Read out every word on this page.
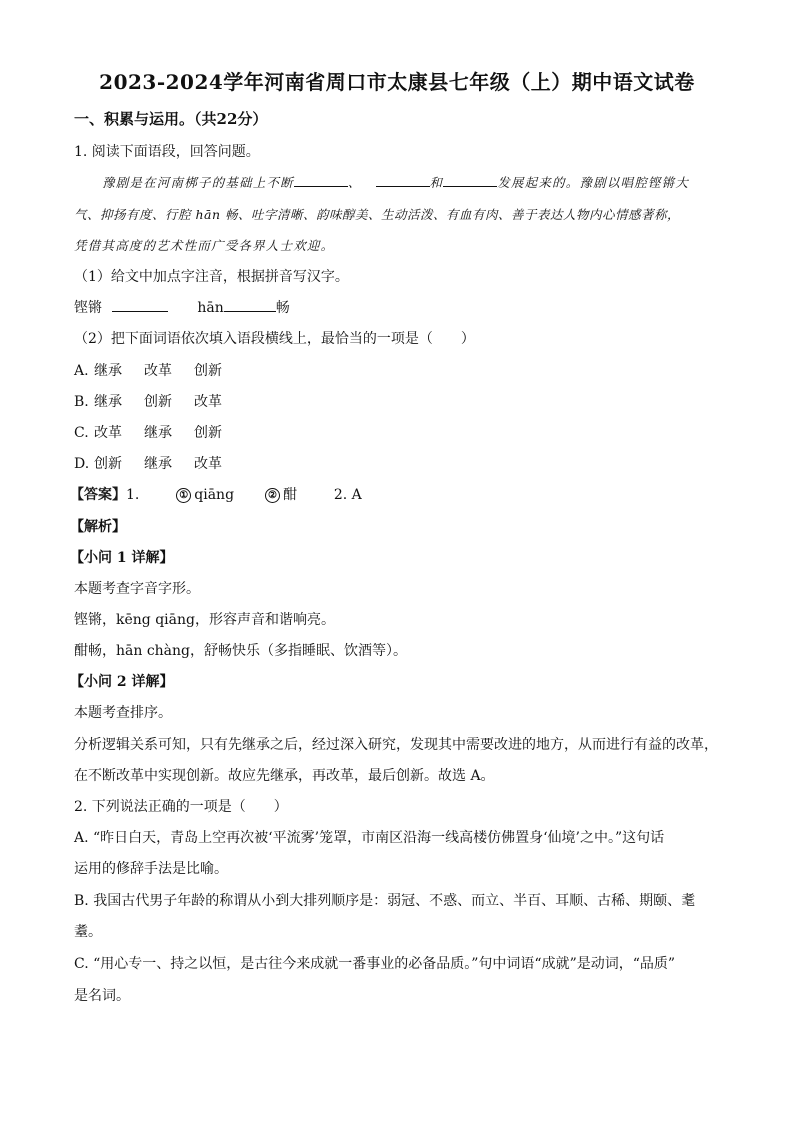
2023-2024学年河南省周口市太康县七年级（上）期中语文试卷
一、积累与运用。（共22分）
1. 阅读下面语段，回答问题。
豫剧是在河南梆子的基础上不断	、	和	发展起来的。豫剧以唱腔铿锵大
气、抑扬有度、行腔 hān 畅、吐字清晰、韵味醇美、生动活泼、有血有肉、善于表达人物内心情感著称，
凭借其高度的艺术性而广受各界人士欢迎。
（1）给文中加点字注音，根据拼音写汉字。
铿锵	hān	畅
（2）把下面词语依次填入语段横线上，最恰当的一项是（　　）
A. 继承 改革 创新
B. 继承 创新 改革
C. 改革 继承 创新
D. 创新 继承 改革
【答案】1.	① qiāng	② 酣	2. A
【解析】
【小问 1 详解】
本题考查字音字形。
铿锵，kēng qiāng，形容声音和谐响亮。
酣畅，hān chàng，舒畅快乐（多指睡眠、饮酒等）。
【小问 2 详解】
本题考查排序。
分析逻辑关系可知，只有先继承之后，经过深入研究，发现其中需要改进的地方，从而进行有益的改革，
在不断改革中实现创新。故应先继承，再改革，最后创新。故选 A。
2. 下列说法正确的一项是（　　）
A. “昨日白天，青岛上空再次被‘平流雾’笼罩，市南区沿海一线高楼仿佛置身‘仙境’之中。”这句话
运用的修辞手法是比喻。
B. 我国古代男子年龄的称谓从小到大排列顺序是：弱冠、不惑、而立、半百、耳顺、古稀、期颐、耄
耋。
C. “用心专一、持之以恒，是古往今来成就一番事业的必备品质。”句中词语“成就”是动词，“品质”
是名词。
